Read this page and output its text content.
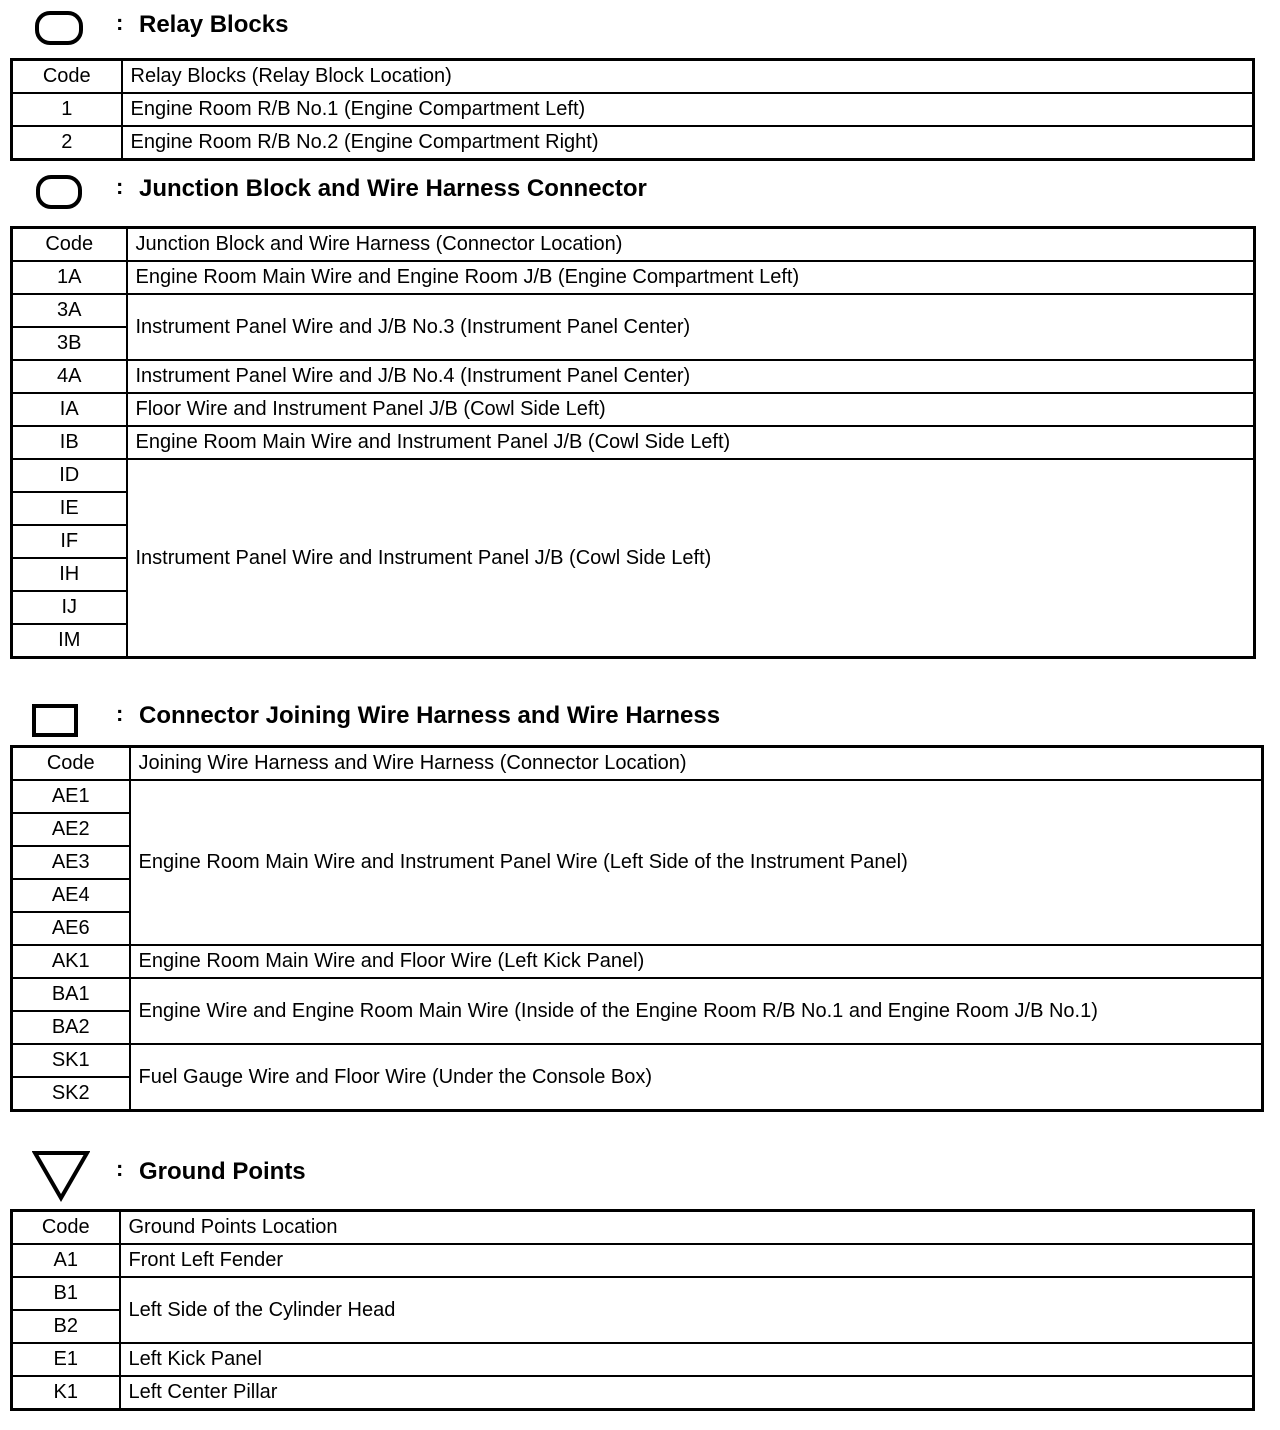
: Relay Blocks
Code	Relay Blocks (Relay Block Location)
1	Engine Room R/B No.1 (Engine Compartment Left)
2	Engine Room R/B No.2 (Engine Compartment Right)
: Junction Block and Wire Harness Connector
Code	Junction Block and Wire Harness (Connector Location)
1A	Engine Room Main Wire and Engine Room J/B (Engine Compartment Left)
3A	Instrument Panel Wire and J/B No.3 (Instrument Panel Center)
3B	
4A	Instrument Panel Wire and J/B No.4 (Instrument Panel Center)
IA	Floor Wire and Instrument Panel J/B (Cowl Side Left)
IB	Engine Room Main Wire and Instrument Panel J/B (Cowl Side Left)
ID	Instrument Panel Wire and Instrument Panel J/B (Cowl Side Left)
IE	
IF	
IH	
IJ	
IM	
: Connector Joining Wire Harness and Wire Harness
Code	Joining Wire Harness and Wire Harness (Connector Location)
AE1	Engine Room Main Wire and Instrument Panel Wire (Left Side of the Instrument Panel)
AE2	
AE3	
AE4	
AE6	
AK1	Engine Room Main Wire and Floor Wire (Left Kick Panel)
BA1	Engine Wire and Engine Room Main Wire (Inside of the Engine Room R/B No.1 and Engine Room J/B No.1)
BA2	
SK1	Fuel Gauge Wire and Floor Wire (Under the Console Box)
SK2	
: Ground Points
Code	Ground Points Location
A1	Front Left Fender
B1	Left Side of the Cylinder Head
B2	
E1	Left Kick Panel
K1	Left Center Pillar
